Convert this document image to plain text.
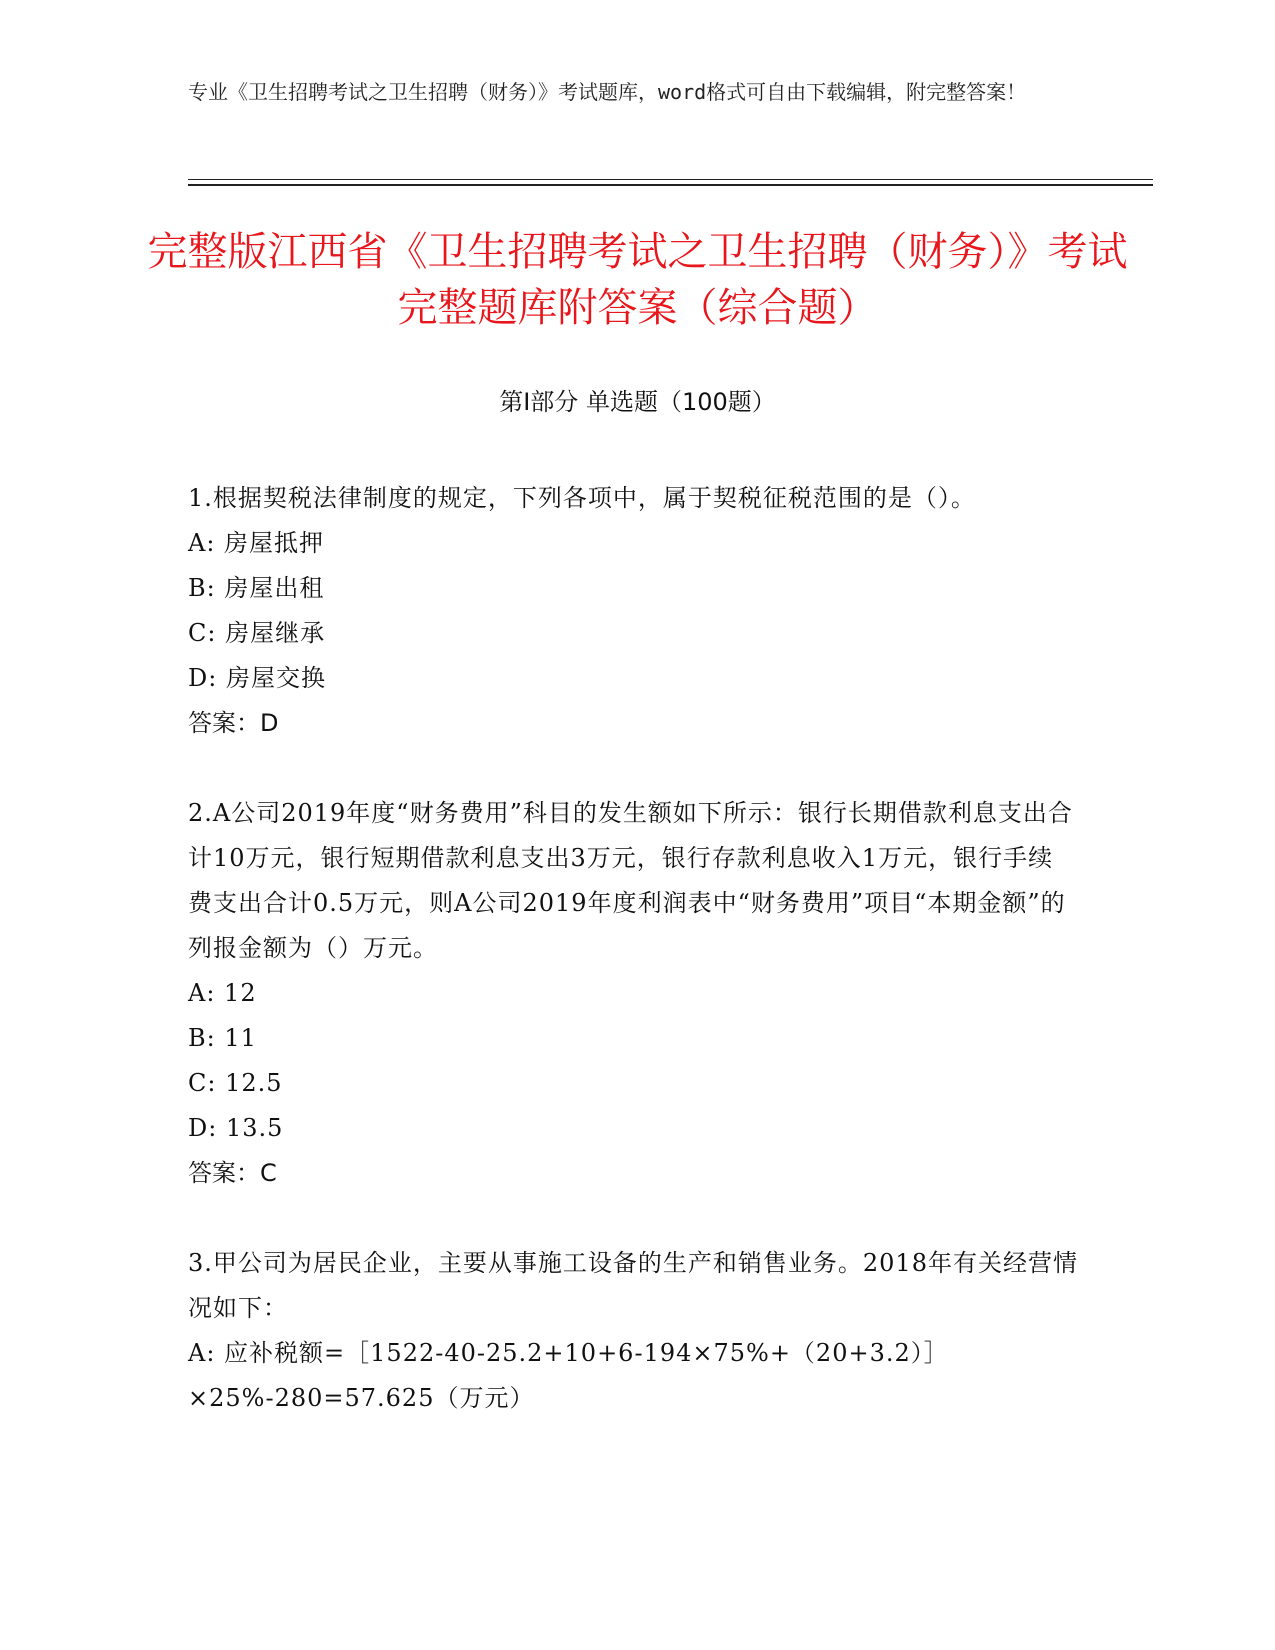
专业《卫生招聘考试之卫生招聘（财务）》考试题库，word格式可自由下载编辑，附完整答案！

完整版江西省《卫生招聘考试之卫生招聘（财务）》考试完整题库附答案（综合题）
第I部分 单选题（100题）

1.根据契税法律制度的规定，下列各项中，属于契税征税范围的是（）。

A: 房屋抵押

B: 房屋出租

C: 房屋继承

D: 房屋交换

答案：D

2.A公司2019年度“财务费用”科目的发生额如下所示：银行长期借款利息支出合计10万元，银行短期借款利息支出3万元，银行存款利息收入1万元，银行手续费支出合计0.5万元，则A公司2019年度利润表中“财务费用”项目“本期金额”的列报金额为（）万元。

A: 12

B: 11

C: 12.5

D: 13.5

答案：C

3.甲公司为居民企业，主要从事施工设备的生产和销售业务。2018年有关经营情况如下：

A: 应补税额=［1522-40-25.2+10+6-194×75%+（20+3.2）］×25%-280=57.625（万元）
